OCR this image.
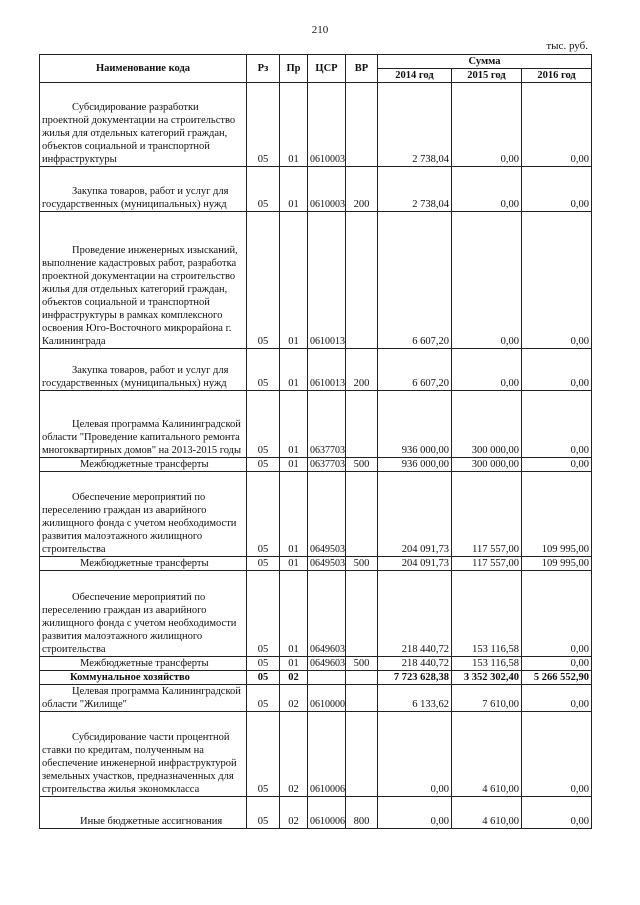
210
тыс. руб.
Наименование кода	Рз	Пр	ЦСР	ВР	Сумма		
					2014 год	2015 год	2016 год

Субсидирование разработки проектной документации на строительство жилья для отдельных категорий граждан, объектов социальной и транспортной инфраструктуры	05	01	0610003		2 738,04	0,00	0,00

Закупка товаров, работ и услуг для государственных (муниципальных) нужд	05	01	0610003	200	2 738,04	0,00	0,00

Проведение инженерных изысканий, выполнение кадастровых работ, разработка проектной документации на строительство жилья для отдельных категорий граждан, объектов социальной и транспортной инфраструктуры в рамках комплексного освоения Юго-Восточного микрорайона г. Калининграда	05	01	0610013		6 607,20	0,00	0,00

Закупка товаров, работ и услуг для государственных (муниципальных) нужд	05	01	0610013	200	6 607,20	0,00	0,00

Целевая программа Калининградской области "Проведение капитального ремонта многоквартирных домов" на 2013-2015 годы	05	01	0637703		936 000,00	300 000,00	0,00

Межбюджетные трансферты	05	01	0637703	500	936 000,00	300 000,00	0,00

Обеспечение мероприятий по переселению граждан из аварийного жилищного фонда с учетом необходимости развития малоэтажного жилищного строительства	05	01	0649503		204 091,73	117 557,00	109 995,00

Межбюджетные трансферты	05	01	0649503	500	204 091,73	117 557,00	109 995,00

Обеспечение мероприятий по переселению граждан из аварийного жилищного фонда с учетом необходимости развития малоэтажного жилищного строительства	05	01	0649603		218 440,72	153 116,58	0,00

Межбюджетные трансферты	05	01	0649603	500	218 440,72	153 116,58	0,00

Коммунальное хозяйство	05	02			7 723 628,38	3 352 302,40	5 266 552,90

Целевая программа Калининградской области "Жилище"	05	02	0610000		6 133,62	7 610,00	0,00

Субсидирование части процентной ставки по кредитам, полученным на обеспечение инженерной инфраструктурой земельных участков, предназначенных для строительства жилья экономкласса	05	02	0610006		0,00	4 610,00	0,00

Иные бюджетные ассигнования	05	02	0610006	800	0,00	4 610,00	0,00
